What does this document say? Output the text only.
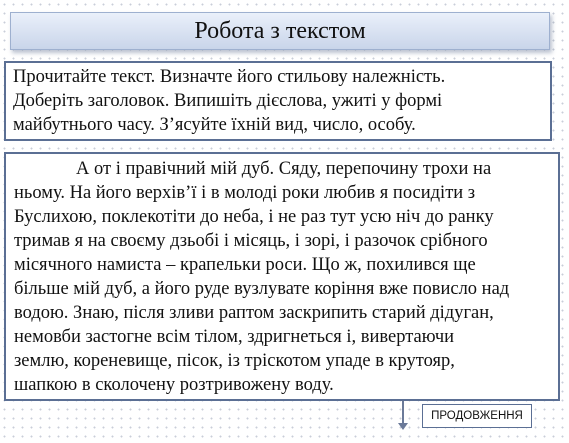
Робота з текстом
Прочитайте текст. Визначте його стильову належність.
Доберіть заголовок. Випишіть дієслова, ужиті у формі
майбутнього часу. З’ясуйте їхній вид, число, особу.
А от і правічний мій дуб. Сяду, перепочину трохи на
ньому. На його верхів’ї і в молоді роки любив я посидіти з
Буслихою, поклекотіти до неба, і не раз тут усю ніч до ранку
тримав я на своєму дзьобі і місяць, і зорі, і разочок срібного
місячного намиста – крапельки роси. Що ж, похилився ще
більше мій дуб, а його руде вузлувате коріння вже повисло над
водою. Знаю, після зливи раптом заскрипить старий дідуган,
немовби застогне всім тілом, здригнеться і, вивертаючи
землю, кореневище, пісок, із тріскотом упаде в крутояр,
шапкою в сколочену розтривожену воду.
ПРОДОВЖЕННЯ
